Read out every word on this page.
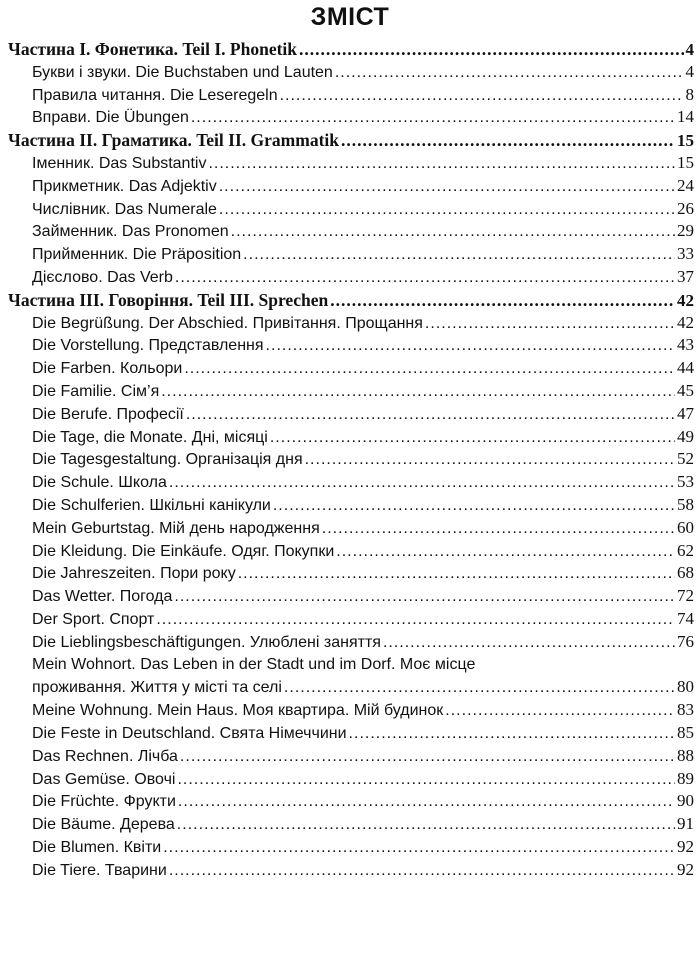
ЗМІСТ
Частина I. Фонетика. Teil I. Phonetik .....	4
Букви і звуки. Die Buchstaben und Lauten .....	4
Правила читання. Die Leseregeln .....	8
Вправи. Die Übungen .....	14
Частина II. Граматика. Teil II. Grammatik .....	15
Іменник. Das Substantiv .....	15
Прикметник. Das Adjektiv .....	24
Числівник. Das Numerale .....	26
Займенник. Das Pronomen .....	29
Прийменник. Die Präposition .....	33
Дієслово. Das Verb .....	37
Частина III. Говоріння. Teil III. Sprechen .....	42
Die Begrüßung. Der Abschied. Привітання. Прощання .....	42
Die Vorstellung. Представлення .....	43
Die Farben. Кольори .....	44
Die Familie. Сім’я .....	45
Die Berufe. Професії .....	47
Die Tage, die Monate. Дні, місяці .....	49
Die Tagesgestaltung. Організація дня .....	52
Die Schule. Школа .....	53
Die Schulferien. Шкільні канікули .....	58
Mein Geburtstag. Мій день народження .....	60
Die Kleidung. Die Einkäufe. Одяг. Покупки .....	62
Die Jahreszeiten. Пори року .....	68
Das Wetter. Погода .....	72
Der Sport. Спорт .....	74
Die Lieblingsbeschäftigungen. Улюблені заняття .....	76
Mein Wohnort. Das Leben in der Stadt und im Dorf. Моє місце
проживання. Життя у місті та селі .....	80
Meine Wohnung. Mein Haus. Моя квартира. Мій будинок .....	83
Die Feste in Deutschland. Свята Німеччини .....	85
Das Rechnen. Лічба .....	88
Das Gemüse. Овочі .....	89
Die Früchte. Фрукти .....	90
Die Bäume. Дерева .....	91
Die Blumen. Квіти .....	92
Die Tiere. Тварини .....	92
